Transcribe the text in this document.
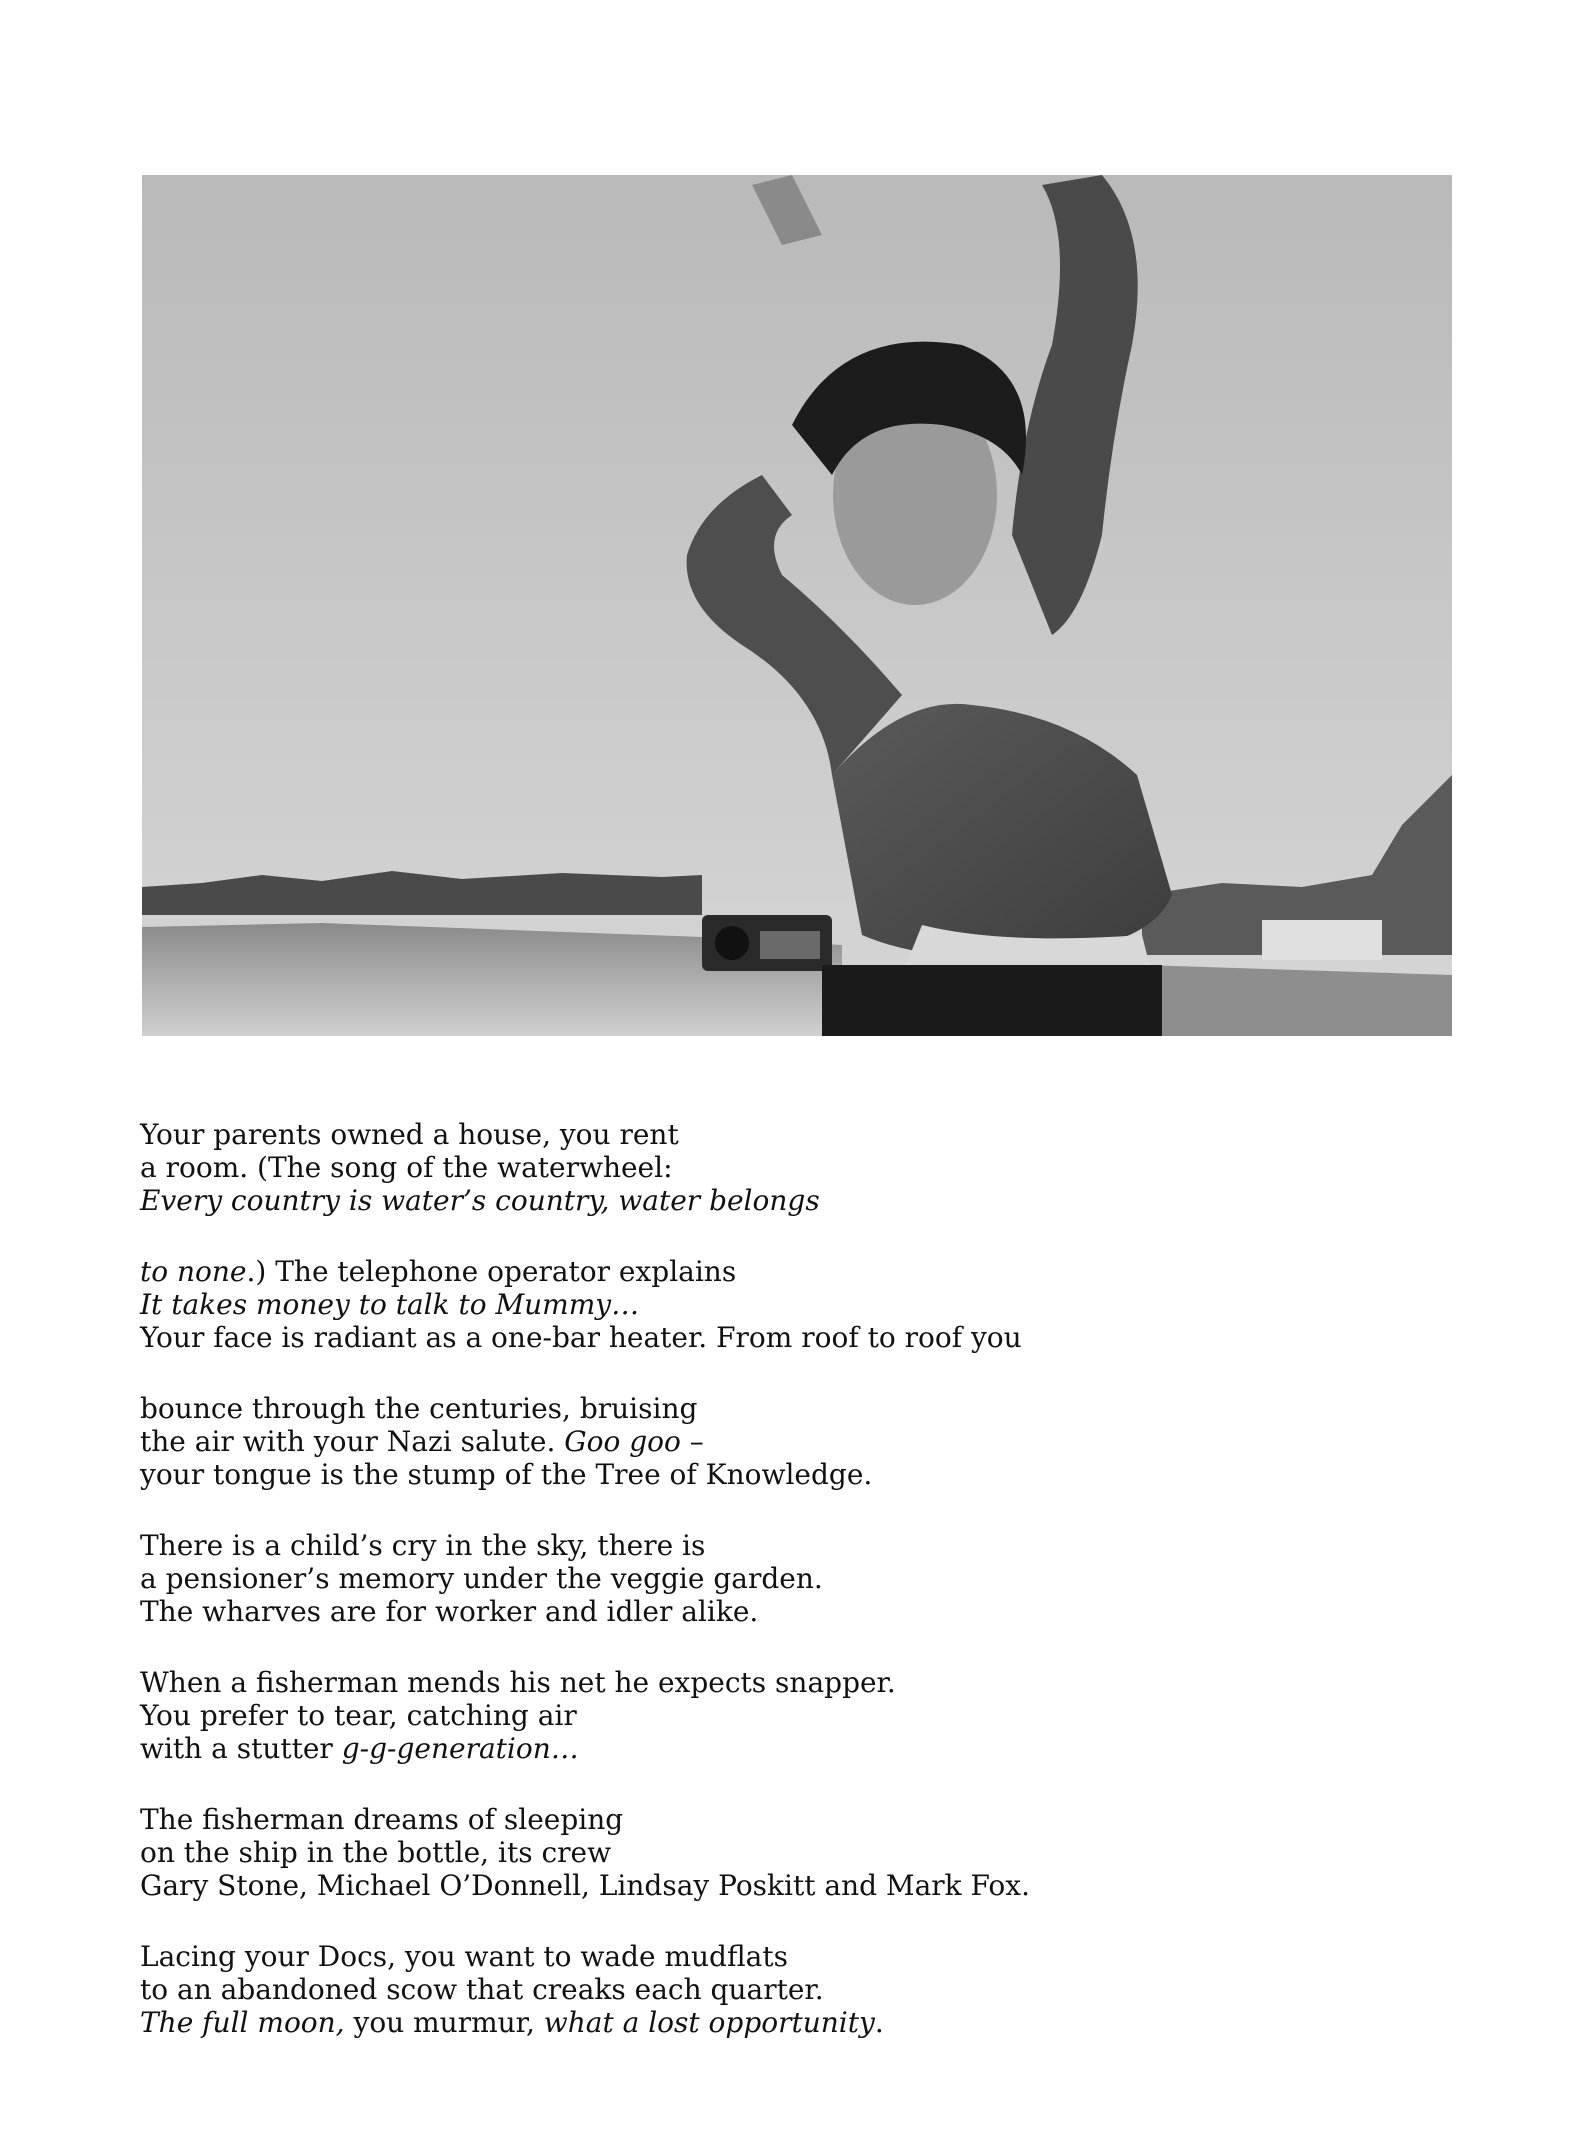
Your parents owned a house, you rent
a room. (The song of the waterwheel:
Every country is water’s country, water belongs
to none.) The telephone operator explains
It takes money to talk to Mummy…
Your face is radiant as a one-bar heater. From roof to roof you
bounce through the centuries, bruising
the air with your Nazi salute. Goo goo –
your tongue is the stump of the Tree of Knowledge.
There is a child’s cry in the sky, there is
a pensioner’s memory under the veggie garden.
The wharves are for worker and idler alike.
When a fisherman mends his net he expects snapper.
You prefer to tear, catching air
with a stutter g-g-generation…
The fisherman dreams of sleeping
on the ship in the bottle, its crew
Gary Stone, Michael O’Donnell, Lindsay Poskitt and Mark Fox.
Lacing your Docs, you want to wade mudflats
to an abandoned scow that creaks each quarter.
The full moon, you murmur, what a lost opportunity.
